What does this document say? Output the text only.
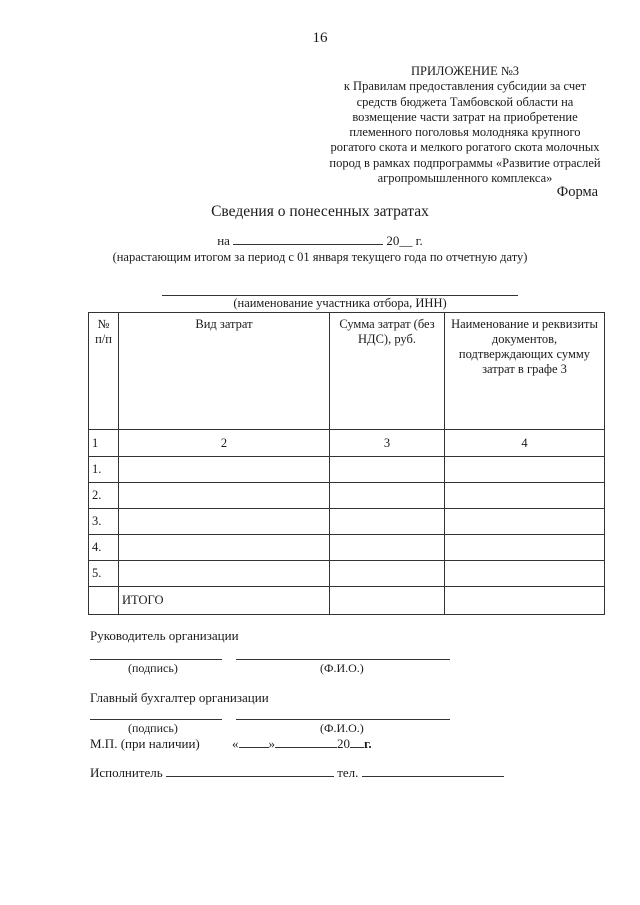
16
ПРИЛОЖЕНИЕ №3
к Правилам предоставления субсидии за счет
средств бюджета Тамбовской области на
возмещение части затрат на приобретение
племенного поголовья молодняка крупного
рогатого скота и мелкого рогатого скота молочных
пород в рамках подпрограммы «Развитие отраслей
агропромышленного комплекса»
Форма
Сведения о понесенных затратах
на	20__ г.
(нарастающим итогом за период с 01 января текущего года по отчетную дату)
(наименование участника отбора, ИНН)
№ п/п	Вид затрат	Сумма затрат (без НДС), руб.	Наименование и реквизиты документов, подтверждающих сумму затрат в графе 3
1	2	3	4
1.			
2.			
3.			
4.			
5.			
	ИТОГО		
Руководитель организации
(подпись)	(Ф.И.О.)
Главный бухгалтер организации
(подпись)	(Ф.И.О.)
М.П. (при наличии) « »	20 г.
Исполнитель	тел.
